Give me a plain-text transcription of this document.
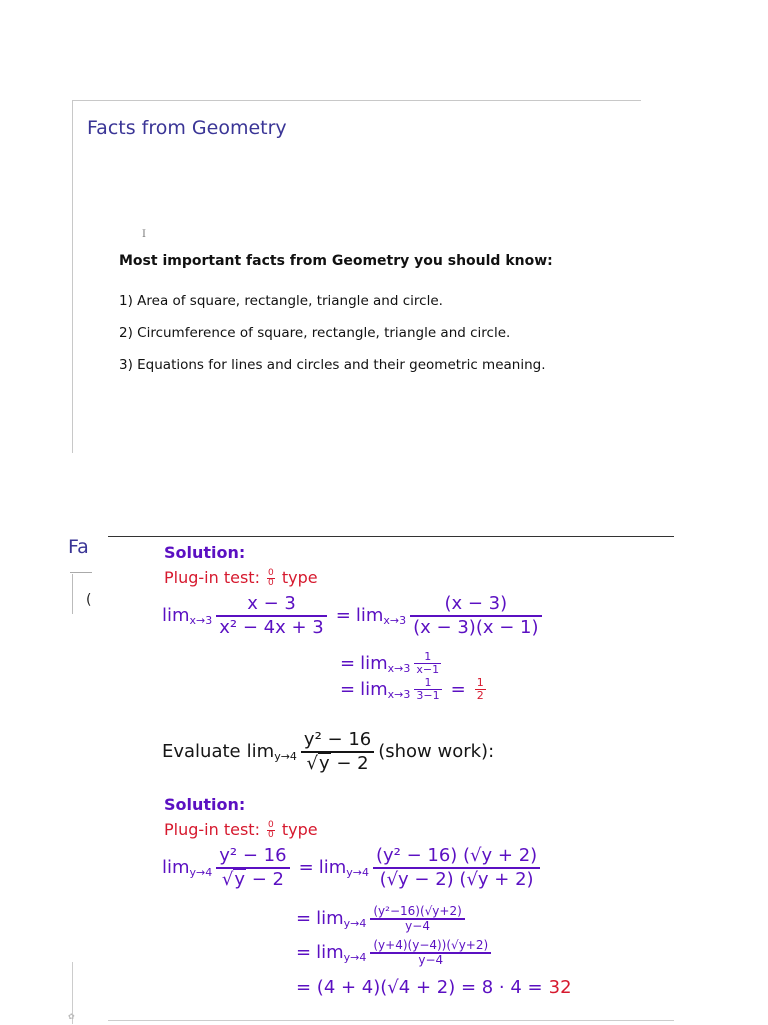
Facts from Geometry
I
Most important facts from Geometry you should know:
1) Area of square, rectangle, triangle and circle.
2) Circumference of square, rectangle, triangle and circle.
3) Equations for lines and circles and their geometric meaning.
Fa
(
✿
Solution:
Plug-in test: $\frac{0}{0}$ type
$\lim_{x\to 3} \frac{x - 3}{\text{x² − 4x + 3}} = \lim_{x\to 3} \frac{(x - 3)}{(x - 3)(x - 1)}$
= $\lim_{x\to 3} \frac{1}{x-1}$
= $\lim_{x\to 3} \frac{1}{3-1} = \frac{1}{2}$
Evaluate $\lim_{y\to 4} \frac{\text{y² − 16}}{√ y - 2}$ (show work):
Solution:
Plug-in test: $\frac{0}{0}$ type
$\lim_{y\to 4} \frac{\text{y² − 16}}{√ y - 2} = \lim_{y\to 4} \frac{\text{(y² − 16) (√y + 2)}}{(√y - 2) (√y + 2)}$
= $\lim_{y\to 4} \frac{\text{(y²−16)(√y+2)}}{y-4}$
= $\lim_{y\to 4} \frac{(y+4)(y-4))(√y+2)}{y-4}$
= (4 + 4)(√4 + 2) = 8 · 4 = 32
